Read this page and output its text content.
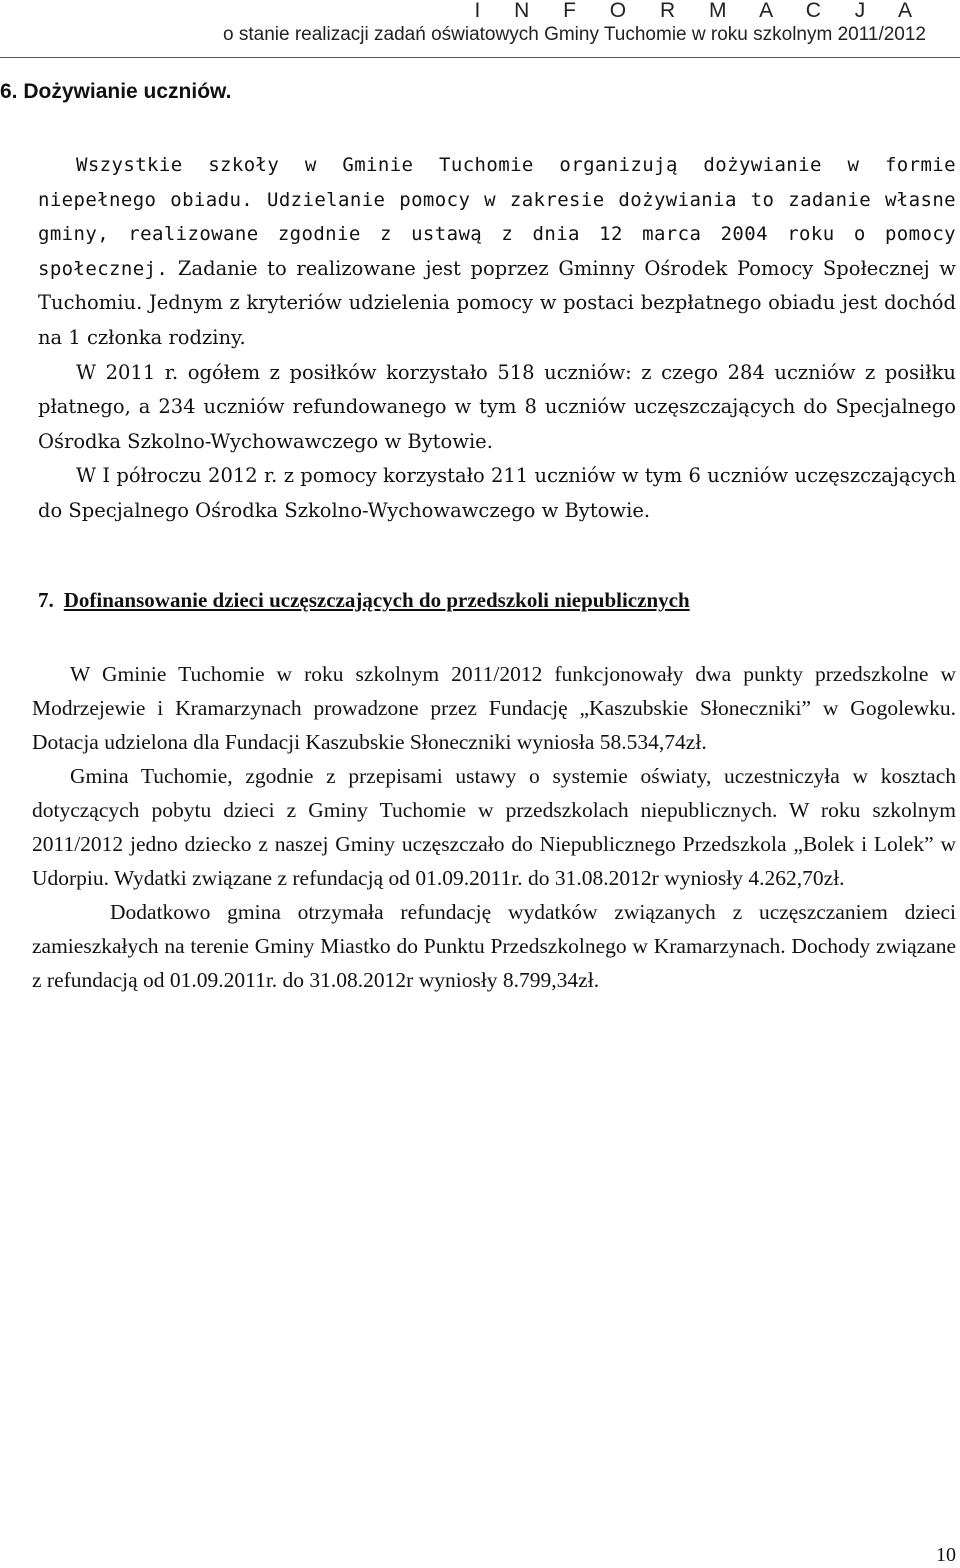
I N F O R M A C J A
o stanie realizacji zadań oświatowych Gminy Tuchomie w roku szkolnym 2011/2012
6. Dożywianie uczniów.

Wszystkie szkoły w Gminie Tuchomie organizują dożywianie w formie niepełnego obiadu. Udzielanie pomocy w zakresie dożywiania to zadanie własne gminy, realizowane zgodnie z ustawą z dnia 12 marca 2004 roku o pomocy społecznej. Zadanie to realizowane jest poprzez Gminny Ośrodek Pomocy Społecznej w Tuchomiu. Jednym z kryteriów udzielenia pomocy w postaci bezpłatnego obiadu jest dochód na 1 członka rodziny.

W 2011 r. ogółem z posiłków korzystało 518 uczniów: z czego 284 uczniów z posiłku płatnego, a 234 uczniów refundowanego w tym 8 uczniów uczęszczających do Specjalnego Ośrodka Szkolno-Wychowawczego w Bytowie.

W I półroczu 2012 r. z pomocy korzystało 211 uczniów w tym 6 uczniów uczęszczających do Specjalnego Ośrodka Szkolno-Wychowawczego w Bytowie.

7. Dofinansowanie dzieci uczęszczających do przedszkoli niepublicznych

W Gminie Tuchomie w roku szkolnym 2011/2012 funkcjonowały dwa punkty przedszkolne w Modrzejewie i Kramarzynach prowadzone przez Fundację „Kaszubskie Słoneczniki” w Gogolewku. Dotacja udzielona dla Fundacji Kaszubskie Słoneczniki wyniosła 58.534,74zł.

Gmina Tuchomie, zgodnie z przepisami ustawy o systemie oświaty, uczestniczyła w kosztach dotyczących pobytu dzieci z Gminy Tuchomie w przedszkolach niepublicznych. W roku szkolnym 2011/2012 jedno dziecko z naszej Gminy uczęszczało do Niepublicznego Przedszkola „Bolek i Lolek” w Udorpiu. Wydatki związane z refundacją od 01.09.2011r. do 31.08.2012r wyniosły 4.262,70zł.

Dodatkowo gmina otrzymała refundację wydatków związanych z uczęszczaniem dzieci zamieszkałych na terenie Gminy Miastko do Punktu Przedszkolnego w Kramarzynach. Dochody związane z refundacją od 01.09.2011r. do 31.08.2012r wyniosły 8.799,34zł.

10
